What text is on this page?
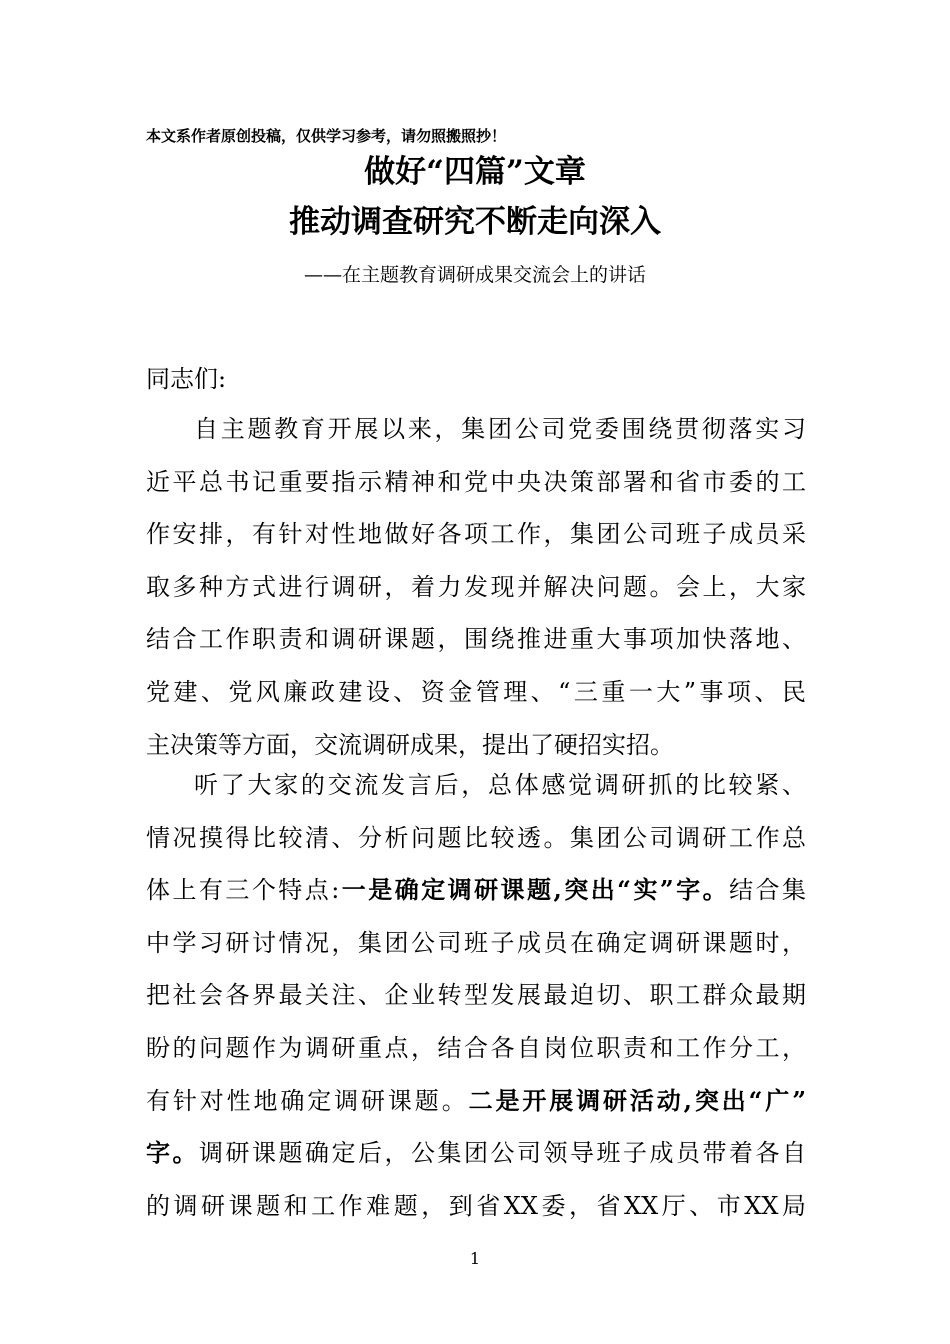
本文系作者原创投稿，仅供学习参考，请勿照搬照抄！
做好“四篇”文章
推动调查研究不断走向深入
——在主题教育调研成果交流会上的讲话
同志们:
自主题教育开展以来，集团公司党委围绕贯彻落实习
近平总书记重要指示精神和党中央决策部署和省市委的工
作安排，有针对性地做好各项工作，集团公司班子成员采
取多种方式进行调研，着力发现并解决问题。会上，大家
结合工作职责和调研课题，围绕推进重大事项加快落地、
党建、党风廉政建设、资金管理、“三重一大”事项、民
主决策等方面，交流调研成果，提出了硬招实招。
听了大家的交流发言后，总体感觉调研抓的比较紧、
情况摸得比较清、分析问题比较透。集团公司调研工作总
体上有三个特点:一是确定调研课题,突出“实”字。结合集
中学习研讨情况，集团公司班子成员在确定调研课题时，
把社会各界最关注、企业转型发展最迫切、职工群众最期
盼的问题作为调研重点，结合各自岗位职责和工作分工，
有针对性地确定调研课题。二是开展调研活动,突出“广”
字。调研课题确定后，公集团公司领导班子成员带着各自
的调研课题和工作难题，到省XX委，省XX厅、市XX局
1
